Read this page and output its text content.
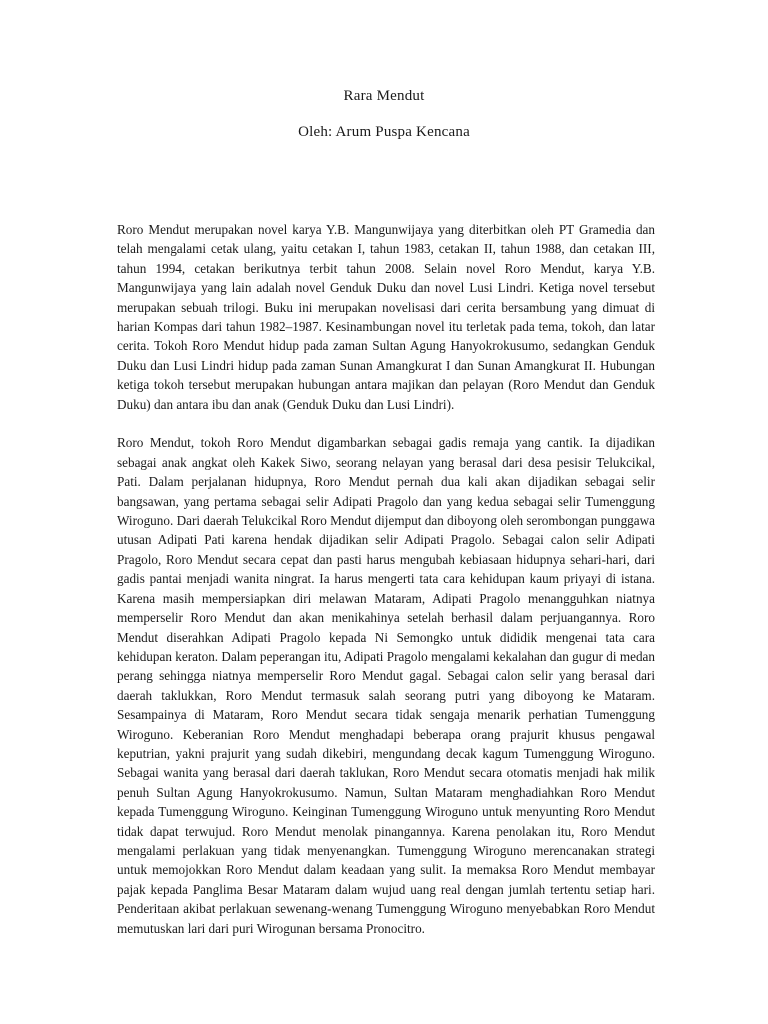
Rara Mendut
Oleh: Arum Puspa Kencana

Roro Mendut merupakan novel karya Y.B. Mangunwijaya yang diterbitkan oleh PT Gramedia dan telah mengalami cetak ulang, yaitu cetakan I, tahun 1983, cetakan II, tahun 1988, dan cetakan III, tahun 1994, cetakan berikutnya terbit tahun 2008. Selain novel Roro Mendut, karya Y.B. Mangunwijaya yang lain adalah novel Genduk Duku dan novel Lusi Lindri. Ketiga novel tersebut merupakan sebuah trilogi. Buku ini merupakan novelisasi dari cerita bersambung yang dimuat di harian Kompas dari tahun 1982–1987. Kesinambungan novel itu terletak pada tema, tokoh, dan latar cerita. Tokoh Roro Mendut hidup pada zaman Sultan Agung Hanyokrokusumo, sedangkan Genduk Duku dan Lusi Lindri hidup pada zaman Sunan Amangkurat I dan Sunan Amangkurat II. Hubungan ketiga tokoh tersebut merupakan hubungan antara majikan dan pelayan (Roro Mendut dan Genduk Duku) dan antara ibu dan anak (Genduk Duku dan Lusi Lindri).

Roro Mendut, tokoh Roro Mendut digambarkan sebagai gadis remaja yang cantik. Ia dijadikan sebagai anak angkat oleh Kakek Siwo, seorang nelayan yang berasal dari desa pesisir Telukcikal, Pati. Dalam perjalanan hidupnya, Roro Mendut pernah dua kali akan dijadikan sebagai selir bangsawan, yang pertama sebagai selir Adipati Pragolo dan yang kedua sebagai selir Tumenggung Wiroguno. Dari daerah Telukcikal Roro Mendut dijemput dan diboyong oleh serombongan punggawa utusan Adipati Pati karena hendak dijadikan selir Adipati Pragolo. Sebagai calon selir Adipati Pragolo, Roro Mendut secara cepat dan pasti harus mengubah kebiasaan hidupnya sehari-hari, dari gadis pantai menjadi wanita ningrat. Ia harus mengerti tata cara kehidupan kaum priyayi di istana. Karena masih mempersiapkan diri melawan Mataram, Adipati Pragolo menangguhkan niatnya memperselir Roro Mendut dan akan menikahinya setelah berhasil dalam perjuangannya. Roro Mendut diserahkan Adipati Pragolo kepada Ni Semongko untuk dididik mengenai tata cara kehidupan keraton. Dalam peperangan itu, Adipati Pragolo mengalami kekalahan dan gugur di medan perang sehingga niatnya memperselir Roro Mendut gagal. Sebagai calon selir yang berasal dari daerah taklukkan, Roro Mendut termasuk salah seorang putri yang diboyong ke Mataram. Sesampainya di Mataram, Roro Mendut secara tidak sengaja menarik perhatian Tumenggung Wiroguno. Keberanian Roro Mendut menghadapi beberapa orang prajurit khusus pengawal keputrian, yakni prajurit yang sudah dikebiri, mengundang decak kagum Tumenggung Wiroguno. Sebagai wanita yang berasal dari daerah taklukan, Roro Mendut secara otomatis menjadi hak milik penuh Sultan Agung Hanyokrokusumo. Namun, Sultan Mataram menghadiahkan Roro Mendut kepada Tumenggung Wiroguno. Keinginan Tumenggung Wiroguno untuk menyunting Roro Mendut tidak dapat terwujud. Roro Mendut menolak pinangannya. Karena penolakan itu, Roro Mendut mengalami perlakuan yang tidak menyenangkan. Tumenggung Wiroguno merencanakan strategi untuk memojokkan Roro Mendut dalam keadaan yang sulit. Ia memaksa Roro Mendut membayar pajak kepada Panglima Besar Mataram dalam wujud uang real dengan jumlah tertentu setiap hari. Penderitaan akibat perlakuan sewenang-wenang Tumenggung Wiroguno menyebabkan Roro Mendut memutuskan lari dari puri Wirogunan bersama Pronocitro.
